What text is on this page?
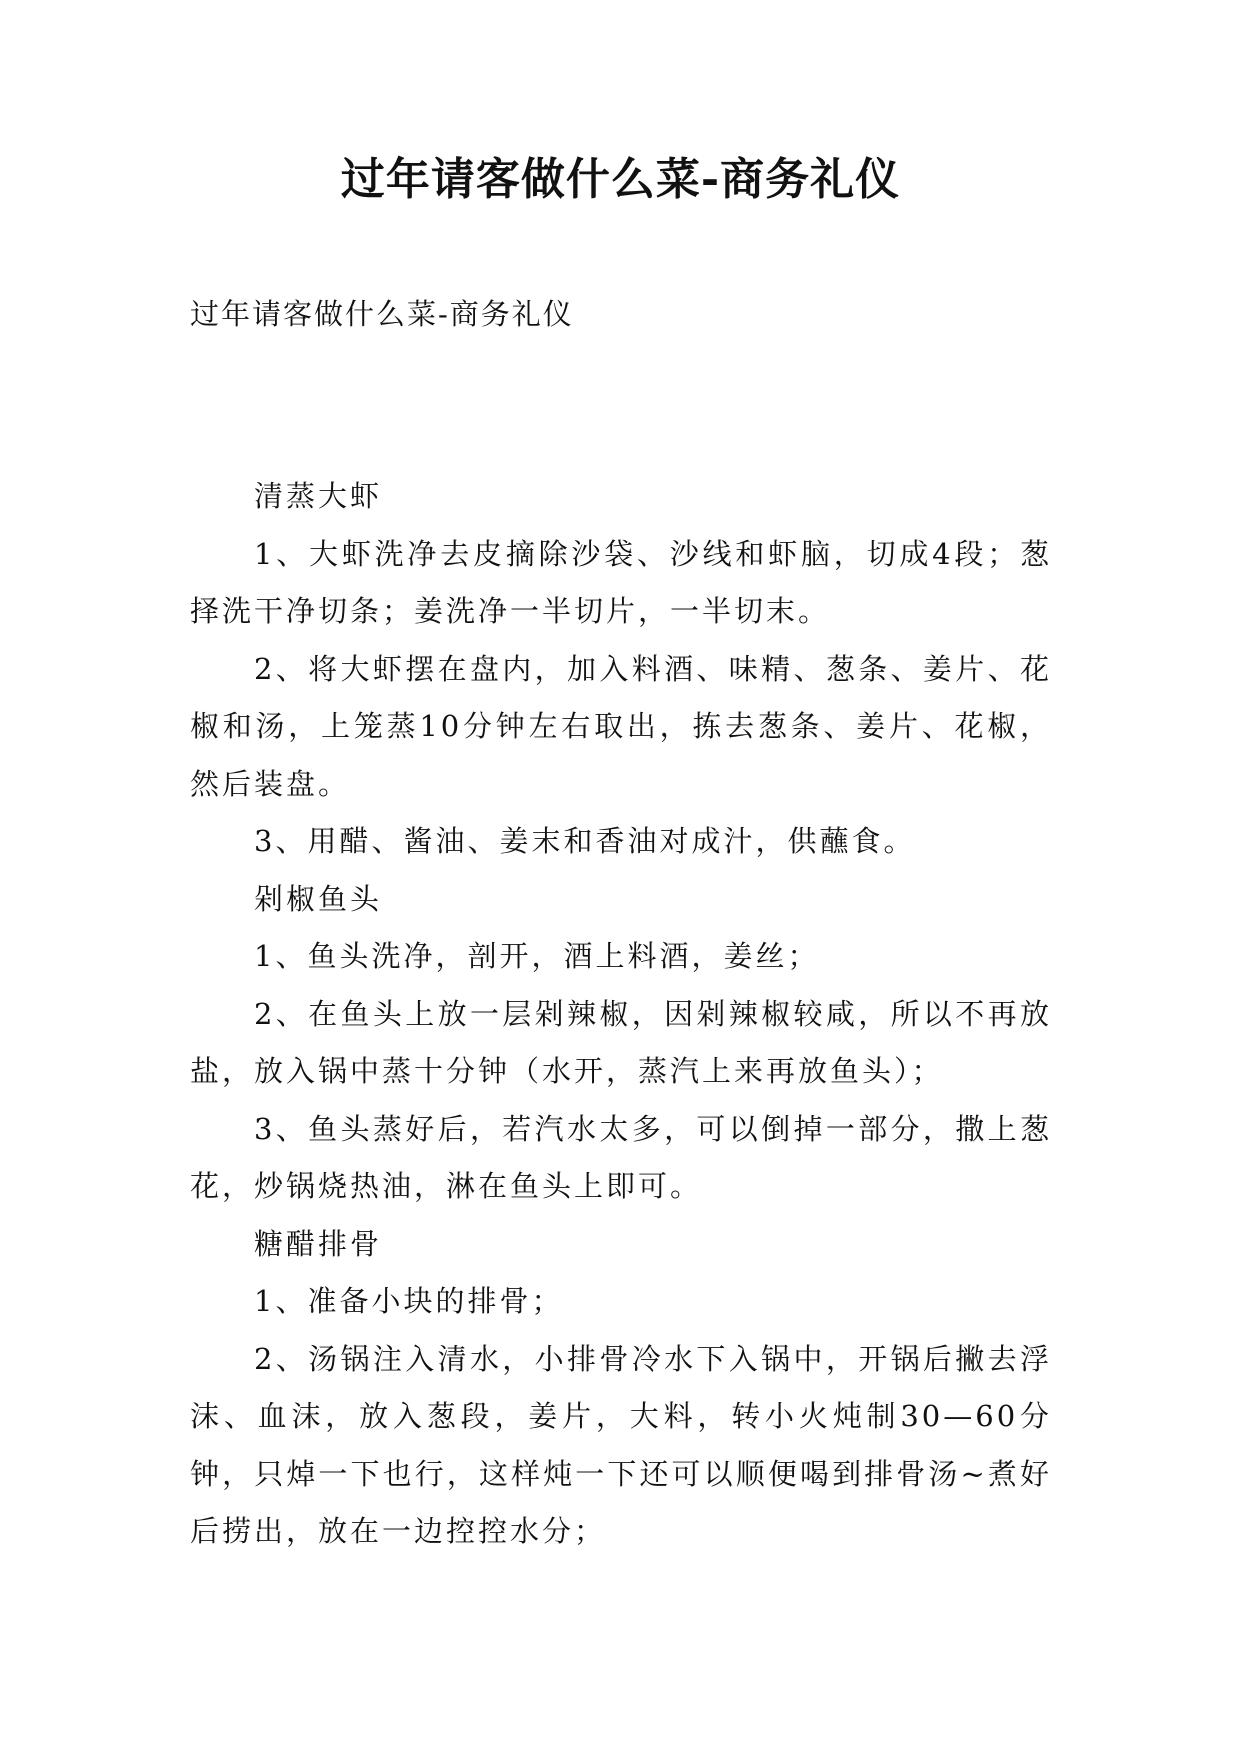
过年请客做什么菜-商务礼仪

过年请客做什么菜-商务礼仪

清蒸大虾

1、大虾洗净去皮摘除沙袋、沙线和虾脑，切成4段；葱择洗干净切条；姜洗净一半切片，一半切末。

2、将大虾摆在盘内，加入料酒、味精、葱条、姜片、花椒和汤，上笼蒸10分钟左右取出，拣去葱条、姜片、花椒，然后装盘。

3、用醋、酱油、姜末和香油对成汁，供蘸食。

剁椒鱼头

1、鱼头洗净，剖开，酒上料酒，姜丝；

2、在鱼头上放一层剁辣椒，因剁辣椒较咸，所以不再放盐，放入锅中蒸十分钟（水开，蒸汽上来再放鱼头）；

3、鱼头蒸好后，若汽水太多，可以倒掉一部分，撒上葱花，炒锅烧热油，淋在鱼头上即可。

糖醋排骨

1、准备小块的排骨；

2、汤锅注入清水，小排骨冷水下入锅中，开锅后撇去浮沫、血沫，放入葱段，姜片，大料，转小火炖制30—60分钟，只焯一下也行，这样炖一下还可以顺便喝到排骨汤~煮好后捞出，放在一边控控水分；
